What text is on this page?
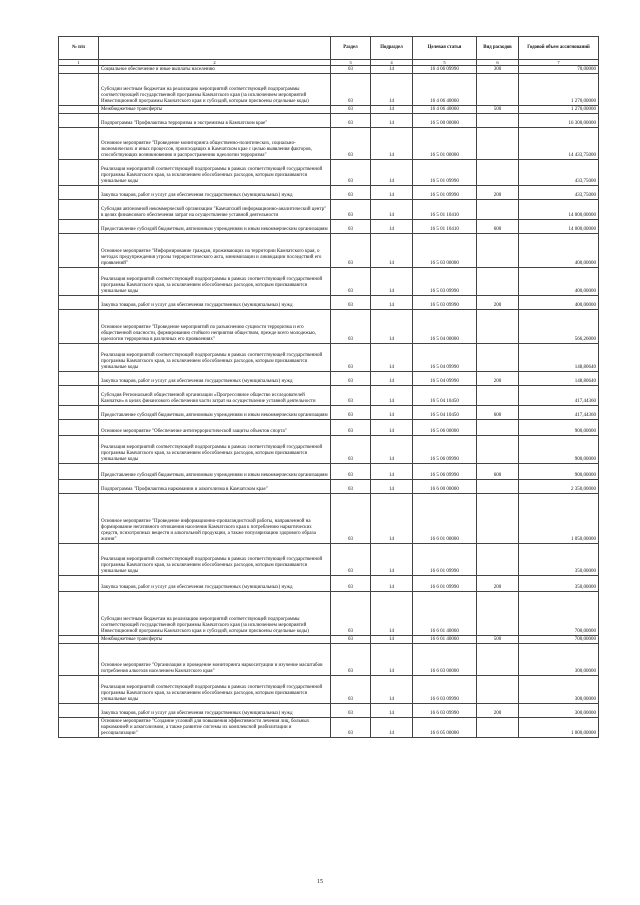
№ п/п		Раздел	Подраздел	Целевая статья	Вид расходов	Годовой объем ассигнований
1	2	3	4	5	6	7
	Социальное обеспечение и иные выплаты населению	03	14	16 4 06 09990	300	70,00000
	Субсидии местным бюджетам на реализацию мероприятий соответствующей подпрограммы соответствующей государственной программы Камчатского края (за исключением мероприятий Инвестиционной программы Камчатского края и субсидий, которым присвоены отдельные коды)	03	14	16 4 06 40060		1 270,00000
	Межбюджетные трансферты	03	14	16 4 06 40060	500	1 270,00000
	Подпрограмма "Профилактика терроризма и экстремизма в Камчатском крае"	03	14	16 5 00 00000		16 300,00000
	Основное мероприятие "Проведение мониторинга общественно-политических, социально-экономических и иных процессов, происходящих в Камчатском крае с целью выявления факторов, способствующих возникновению и распространению идеологии терроризма"	03	14	16 5 01 00000		14 433,75000
	Реализация мероприятий соответствующей подпрограммы в рамках соответствующей государственной программы Камчатского края, за исключением обособленных расходов, которым присваиваются уникальные коды	03	14	16 5 01 09990		433,75000
	Закупка товаров, работ и услуг для обеспечения государственных (муниципальных) нужд	03	14	16 5 01 09990	200	433,75000
	Субсидия автономной некоммерческой организации "Камчатский информационно-аналитический центр" в целях финансового обеспечения затрат на осуществление уставной деятельности	03	14	16 5 01 10410		14 000,00000
	Предоставление субсидий бюджетным, автономным учреждениям и иным некоммерческим организациям	03	14	16 5 01 10410	600	14 000,00000
	Основное мероприятие "Информирование граждан, проживающих на территории Камчатского края, о методах предупреждения угрозы террористического акта, минимизации и ликвидации последствий его проявлений"	03	14	16 5 03 00000		400,00000
	Реализация мероприятий соответствующей подпрограммы в рамках соответствующей государственной программы Камчатского края, за исключением обособленных расходов, которым присваиваются уникальные коды	03	14	16 5 03 09990		400,00000
	Закупка товаров, работ и услуг для обеспечения государственных (муниципальных) нужд	03	14	16 5 03 09990	200	400,00000
	Основное мероприятие "Проведение мероприятий по разъяснению сущности терроризма и его общественной опасности, формированию стойкого неприятия обществом, прежде всего молодежью, идеологии терроризма в различных его проявлениях"	03	14	16 5 04 00000		566,26000
	Реализация мероприятий соответствующей подпрограммы в рамках соответствующей государственной программы Камчатского края, за исключением обособленных расходов, которым присваиваются уникальные коды	03	14	16 5 04 09990		148,80640
	Закупка товаров, работ и услуг для обеспечения государственных (муниципальных) нужд	03	14	16 5 04 09990	200	148,80640
	Субсидия Региональной общественной организации «Прогрессивное общество исследователей Камчатки» в целях финансового обеспечения части затрат на осуществление уставной деятельности	03	14	16 5 04 10450		417,44360
	Предоставление субсидий бюджетным, автономным учреждениям и иным некоммерческим организациям	03	14	16 5 04 10450	600	417,44360
	Основное мероприятие "Обеспечение антитеррористической защиты объектов спорта"	03	14	16 5 06 00000		900,00000
	Реализация мероприятий соответствующей подпрограммы в рамках соответствующей государственной программы Камчатского края, за исключением обособленных расходов, которым присваиваются уникальные коды	03	14	16 5 06 09990		900,00000
	Предоставление субсидий бюджетным, автономным учреждениям и иным некоммерческим организациям	03	14	16 5 06 09990	600	900,00000
	Подпрограмма "Профилактика наркомании и алкоголизма в Камчатском крае"	03	14	16 6 00 00000		2 350,00000
	Основное мероприятие "Проведение информационно-пропагандистской работы, направленной на формирование негативного отношения населения Камчатского края к потреблению наркотических средств, психотропных веществ и алкогольной продукции, а также популяризацию здорового образа жизни"	03	14	16 6 01 00000		1 050,00000
	Реализация мероприятий соответствующей подпрограммы в рамках соответствующей государственной программы Камчатского края, за исключением обособленных расходов, которым присваиваются уникальные коды	03	14	16 6 01 09990		350,00000
	Закупка товаров, работ и услуг для обеспечения государственных (муниципальных) нужд	03	14	16 6 01 09990	200	350,00000
	Субсидии местным бюджетам на реализацию мероприятий соответствующей подпрограммы соответствующей государственной программы Камчатского края (за исключением мероприятий Инвестиционной программы Камчатского края и субсидий, которым присвоены отдельные коды)	03	14	16 6 01 40060		700,00000
	Межбюджетные трансферты	03	14	16 6 01 40060	500	700,00000
	Основное мероприятие "Организация и проведение мониторинга наркоситуации и изучение масштабов потребления алкоголя населением Камчатского края"	03	14	16 6 03 00000		300,00000
	Реализация мероприятий соответствующей подпрограммы в рамках соответствующей государственной программы Камчатского края, за исключением обособленных расходов, которым присваиваются уникальные коды	03	14	16 6 03 09990		300,00000
	Закупка товаров, работ и услуг для обеспечения государственных (муниципальных) нужд	03	14	16 6 03 09990	200	300,00000
	Основное мероприятие "Создание условий для повышения эффективности лечения лиц, больных наркоманией и алкоголизмом, а также развитие системы их комплексной реабилитации и ресоциализации"	03	14	16 6 05 00000		1 000,00000
15
